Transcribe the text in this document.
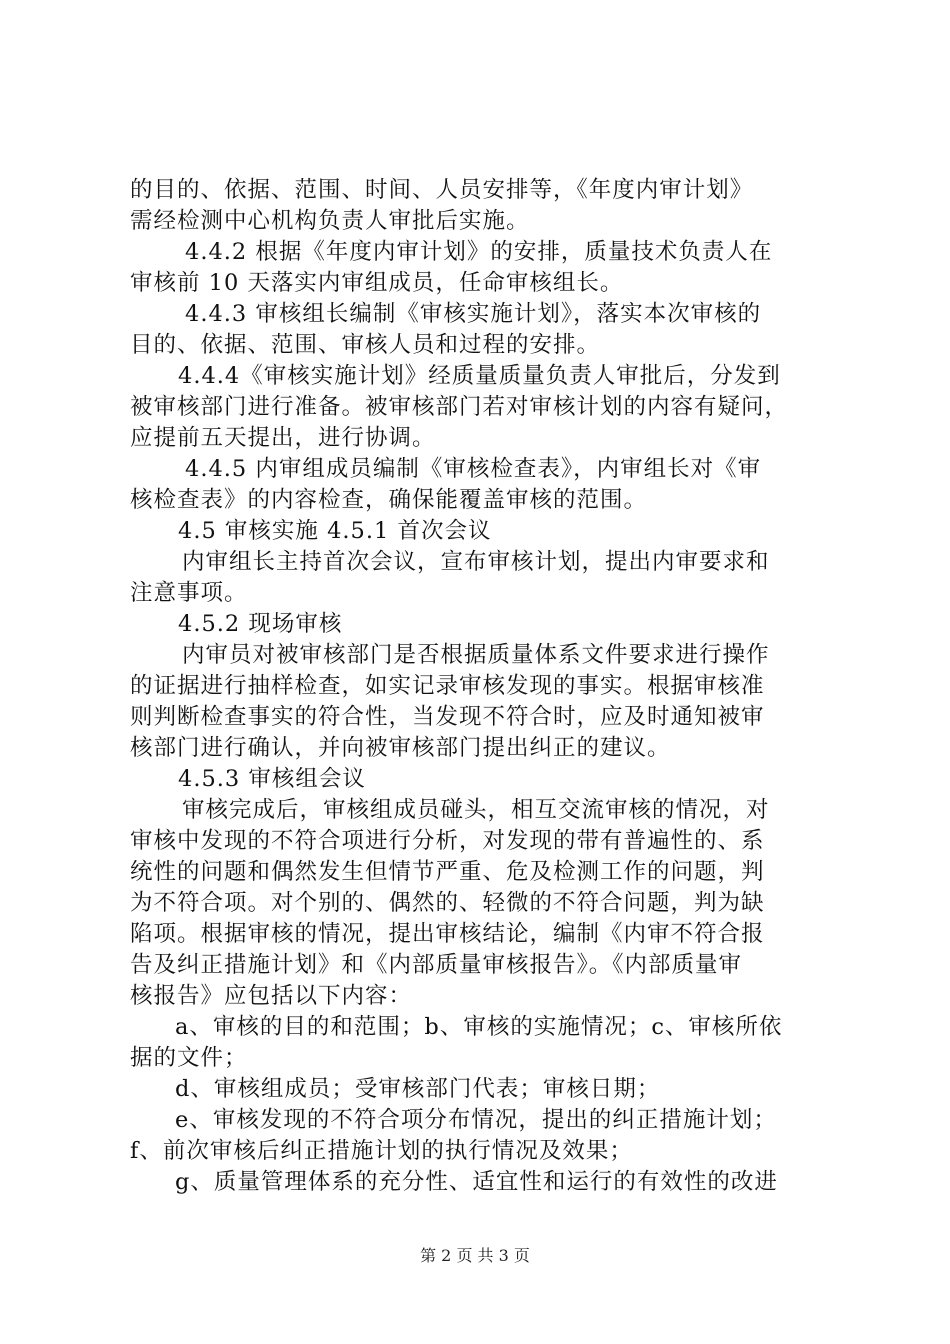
的目的、依据、范围、时间、人员安排等，《年度内审计划》
需经检测中心机构负责人审批后实施。
4.4.2 根据《年度内审计划》的安排，质量技术负责人在
审核前 10 天落实内审组成员，任命审核组长。
4.4.3 审核组长编制《审核实施计划》，落实本次审核的
目的、依据、范围、审核人员和过程的安排。
4.4.4《审核实施计划》经质量质量负责人审批后，分发到
被审核部门进行准备。被审核部门若对审核计划的内容有疑问，
应提前五天提出，进行协调。
4.4.5 内审组成员编制《审核检查表》，内审组长对《审
核检查表》的内容检查，确保能覆盖审核的范围。
4.5 审核实施 4.5.1 首次会议
内审组长主持首次会议，宣布审核计划，提出内审要求和
注意事项。
4.5.2 现场审核
内审员对被审核部门是否根据质量体系文件要求进行操作
的证据进行抽样检查，如实记录审核发现的事实。根据审核准
则判断检查事实的符合性，当发现不符合时，应及时通知被审
核部门进行确认，并向被审核部门提出纠正的建议。
4.5.3 审核组会议
审核完成后，审核组成员碰头，相互交流审核的情况，对
审核中发现的不符合项进行分析，对发现的带有普遍性的、系
统性的问题和偶然发生但情节严重、危及检测工作的问题，判
为不符合项。对个别的、偶然的、轻微的不符合问题，判为缺
陷项。根据审核的情况，提出审核结论，编制《内审不符合报
告及纠正措施计划》和《内部质量审核报告》。《内部质量审
核报告》应包括以下内容：
a、审核的目的和范围；b、审核的实施情况；c、审核所依
据的文件；
d、审核组成员；受审核部门代表；审核日期；
e、审核发现的不符合项分布情况，提出的纠正措施计划；
f、前次审核后纠正措施计划的执行情况及效果；
g、质量管理体系的充分性、适宜性和运行的有效性的改进
第 2 页 共 3 页
